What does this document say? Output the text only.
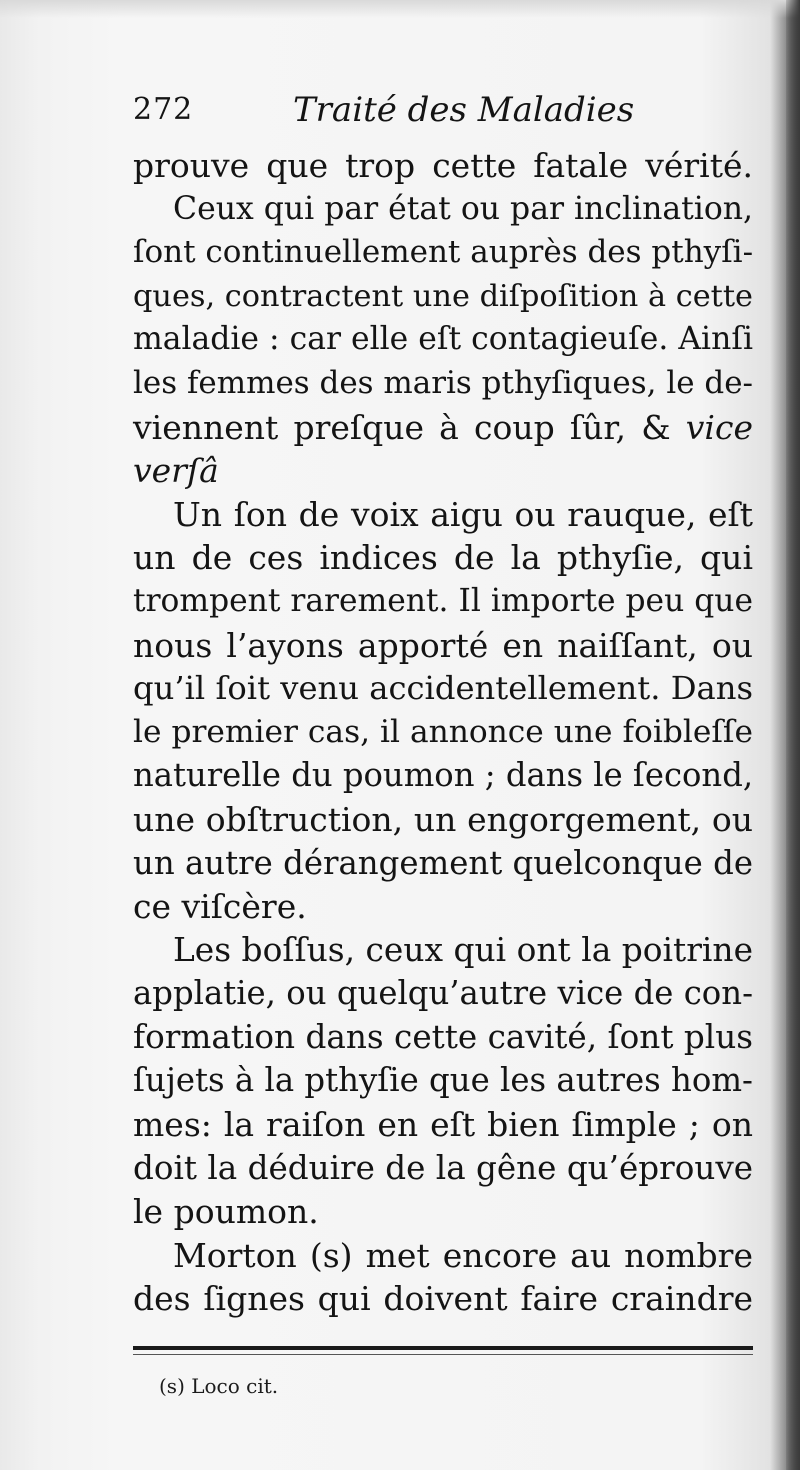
272	Traité des Maladies
prouve que trop cette fatale vérité.
Ceux qui par état ou par inclination,
ſont continuellement auprès des pthyſi-
ques, contractent une diſpoſition à cette
maladie : car elle eſt contagieuſe. Ainſi
les femmes des maris pthyſiques, le de-
viennent preſque à coup ſûr, & vice
verſâ
Un ſon de voix aigu ou rauque, eſt
un de ces indices de la pthyſie, qui
trompent rarement. Il importe peu que
nous l’ayons apporté en naiſſant, ou
qu’il ſoit venu accidentellement. Dans
le premier cas, il annonce une foibleſſe
naturelle du poumon ; dans le ſecond,
une obſtruction, un engorgement, ou
un autre dérangement quelconque de
ce viſcère.
Les boſſus, ceux qui ont la poitrine
applatie, ou quelqu’autre vice de con-
formation dans cette cavité, ſont plus
ſujets à la pthyſie que les autres hom-
mes: la raiſon en eſt bien ſimple ; on
doit la déduire de la gêne qu’éprouve
le poumon.
Morton (s) met encore au nombre
des ſignes qui doivent faire craindre
(s) Loco cit.
